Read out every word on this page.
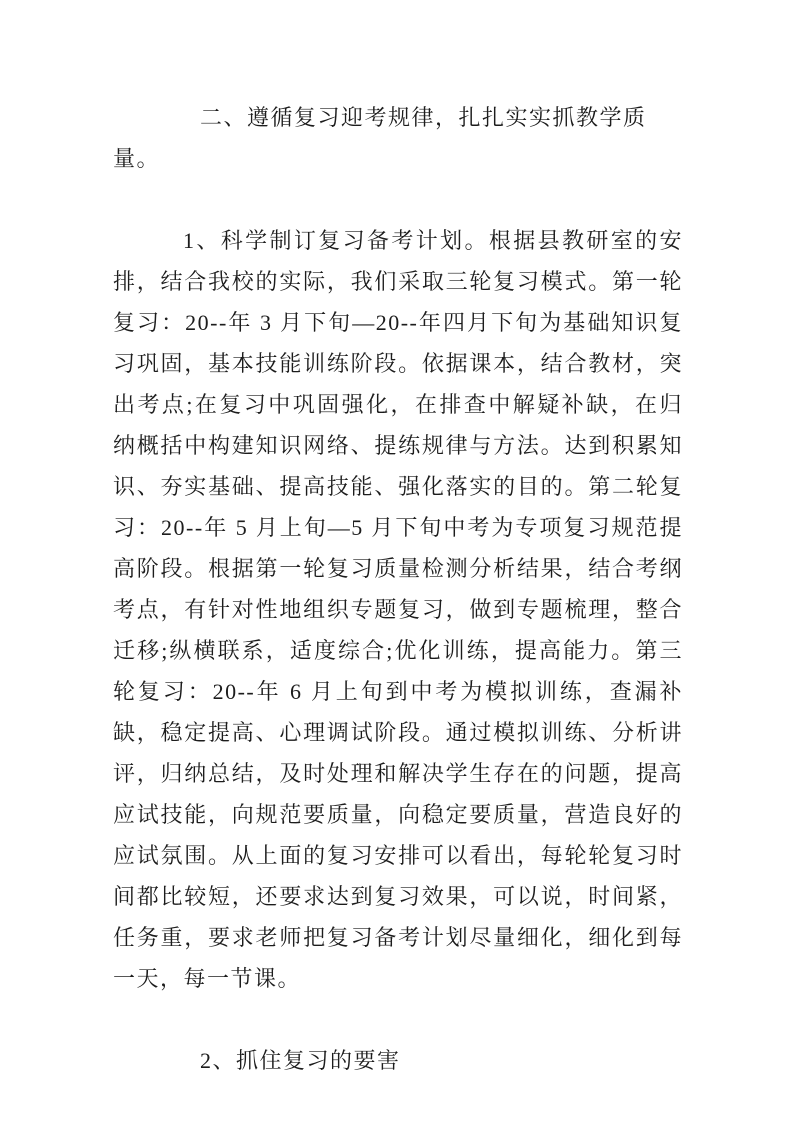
二、遵循复习迎考规律，扎扎实实抓教学质量。

1、科学制订复习备考计划。根据县教研室的安排，结合我校的实际，我们采取三轮复习模式。第一轮复习：20--年 3 月下旬—20--年四月下旬为基础知识复习巩固，基本技能训练阶段。依据课本，结合教材，突出考点;在复习中巩固强化，在排查中解疑补缺，在归纳概括中构建知识网络、提练规律与方法。达到积累知识、夯实基础、提高技能、强化落实的目的。第二轮复习：20--年 5 月上旬—5 月下旬中考为专项复习规范提高阶段。根据第一轮复习质量检测分析结果，结合考纲考点，有针对性地组织专题复习，做到专题梳理，整合迁移;纵横联系，适度综合;优化训练，提高能力。第三轮复习：20--年 6 月上旬到中考为模拟训练，查漏补缺，稳定提高、心理调试阶段。通过模拟训练、分析讲评，归纳总结，及时处理和解决学生存在的问题，提高应试技能，向规范要质量，向稳定要质量，营造良好的应试氛围。从上面的复习安排可以看出，每轮轮复习时间都比较短，还要求达到复习效果，可以说，时间紧，任务重，要求老师把复习备考计划尽量细化，细化到每一天，每一节课。

2、抓住复习的要害
